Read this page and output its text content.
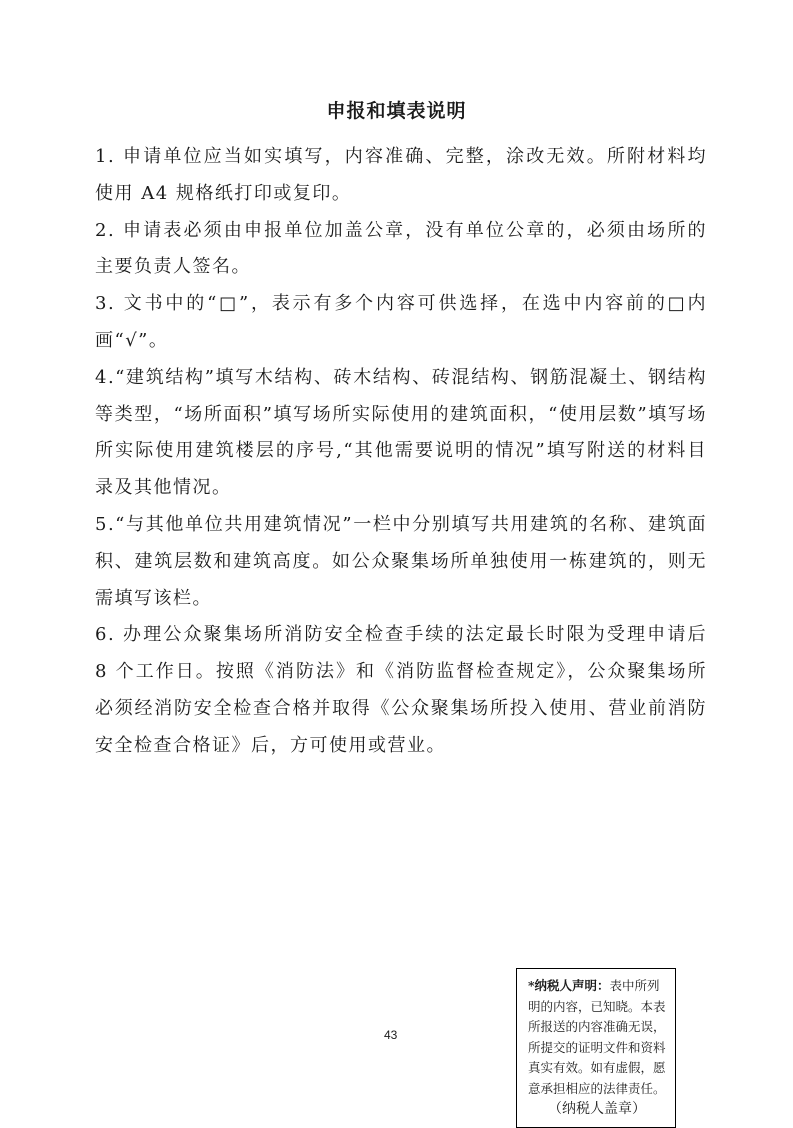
申报和填表说明

1. 申请单位应当如实填写，内容准确、完整，涂改无效。所附材料均使用 A4 规格纸打印或复印。

2. 申请表必须由申报单位加盖公章，没有单位公章的，必须由场所的主要负责人签名。

3. 文书中的“□”，表示有多个内容可供选择，在选中内容前的□内画“√”。

4.“建筑结构”填写木结构、砖木结构、砖混结构、钢筋混凝土、钢结构等类型，“场所面积”填写场所实际使用的建筑面积，“使用层数”填写场所实际使用建筑楼层的序号,“其他需要说明的情况”填写附送的材料目录及其他情况。

5.“与其他单位共用建筑情况”一栏中分别填写共用建筑的名称、建筑面积、建筑层数和建筑高度。如公众聚集场所单独使用一栋建筑的，则无需填写该栏。

6. 办理公众聚集场所消防安全检查手续的法定最长时限为受理申请后 8 个工作日。按照《消防法》和《消防监督检查规定》，公众聚集场所必须经消防安全检查合格并取得《公众聚集场所投入使用、营业前消防安全检查合格证》后，方可使用或营业。

43
*纳税人声明：表中所列明的内容，已知晓。本表所报送的内容准确无误，所提交的证明文件和资料真实有效。如有虚假，愿意承担相应的法律责任。
（纳税人盖章）
